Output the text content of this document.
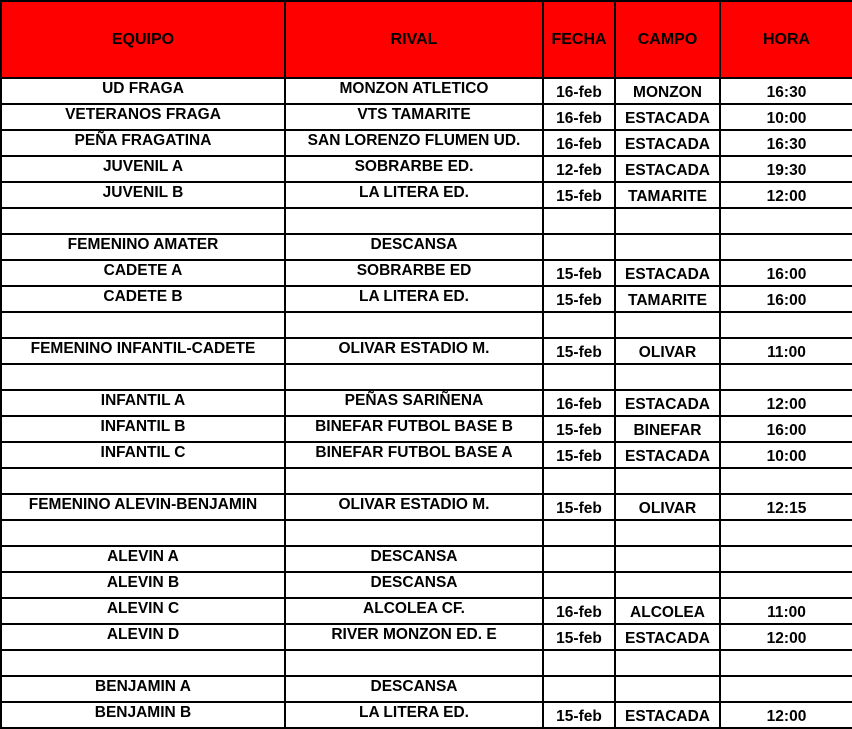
EQUIPO	RIVAL	FECHA	CAMPO	HORA
UD FRAGA	MONZON ATLETICO	16-feb	MONZON	16:30
VETERANOS FRAGA	VTS TAMARITE	16-feb	ESTACADA	10:00
PEÑA FRAGATINA	SAN LORENZO FLUMEN UD.	16-feb	ESTACADA	16:30
JUVENIL A	SOBRARBE ED.	12-feb	ESTACADA	19:30
JUVENIL B	LA LITERA ED.	15-feb	TAMARITE	12:00

FEMENINO AMATER	DESCANSA			
CADETE A	SOBRARBE ED	15-feb	ESTACADA	16:00
CADETE B	LA LITERA ED.	15-feb	TAMARITE	16:00

FEMENINO INFANTIL-CADETE	OLIVAR ESTADIO M.	15-feb	OLIVAR	11:00

INFANTIL A	PEÑAS SARIÑENA	16-feb	ESTACADA	12:00
INFANTIL B	BINEFAR FUTBOL BASE B	15-feb	BINEFAR	16:00
INFANTIL C	BINEFAR FUTBOL BASE A	15-feb	ESTACADA	10:00

FEMENINO ALEVIN-BENJAMIN	OLIVAR ESTADIO M.	15-feb	OLIVAR	12:15

ALEVIN A	DESCANSA			
ALEVIN B	DESCANSA			
ALEVIN C	ALCOLEA CF.	16-feb	ALCOLEA	11:00
ALEVIN D	RIVER MONZON ED. E	15-feb	ESTACADA	12:00

BENJAMIN A	DESCANSA			
BENJAMIN B	LA LITERA ED.	15-feb	ESTACADA	12:00
